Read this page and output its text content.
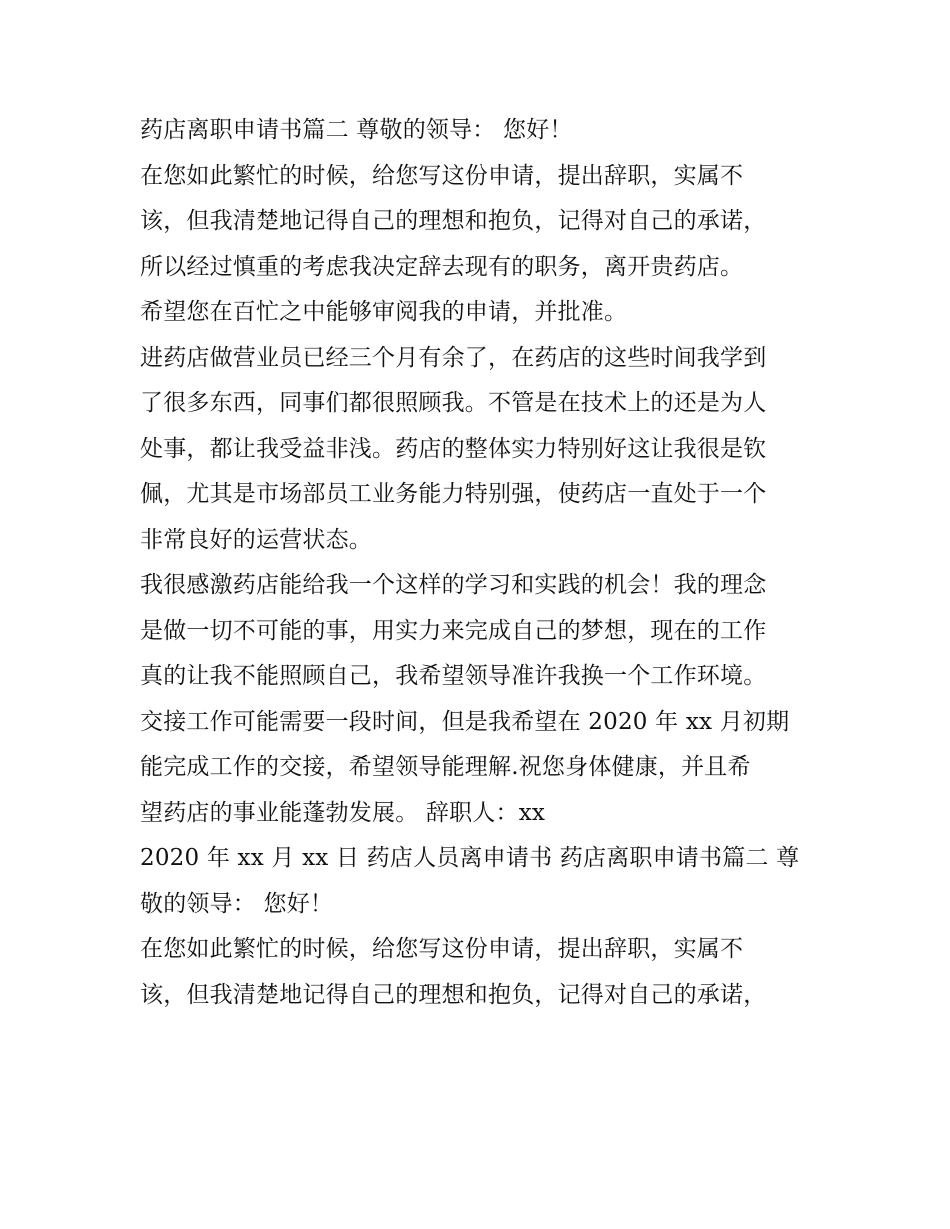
药店离职申请书篇二 尊敬的领导： 您好！
在您如此繁忙的时候，给您写这份申请，提出辞职，实属不
该，但我清楚地记得自己的理想和抱负，记得对自己的承诺，
所以经过慎重的考虑我决定辞去现有的职务，离开贵药店。
希望您在百忙之中能够审阅我的申请，并批准。
进药店做营业员已经三个月有余了，在药店的这些时间我学到
了很多东西，同事们都很照顾我。不管是在技术上的还是为人
处事，都让我受益非浅。药店的整体实力特别好这让我很是钦
佩，尤其是市场部员工业务能力特别强，使药店一直处于一个
非常良好的运营状态。
我很感激药店能给我一个这样的学习和实践的机会！我的理念
是做一切不可能的事，用实力来完成自己的梦想，现在的工作
真的让我不能照顾自己，我希望领导准许我换一个工作环境。
交接工作可能需要一段时间，但是我希望在 2020 年 xx 月初期
能完成工作的交接，希望领导能理解.祝您身体健康，并且希
望药店的事业能蓬勃发展。 辞职人：xx
2020 年 xx 月 xx 日 药店人员离申请书 药店离职申请书篇二 尊
敬的领导： 您好！
在您如此繁忙的时候，给您写这份申请，提出辞职，实属不
该，但我清楚地记得自己的理想和抱负，记得对自己的承诺，
